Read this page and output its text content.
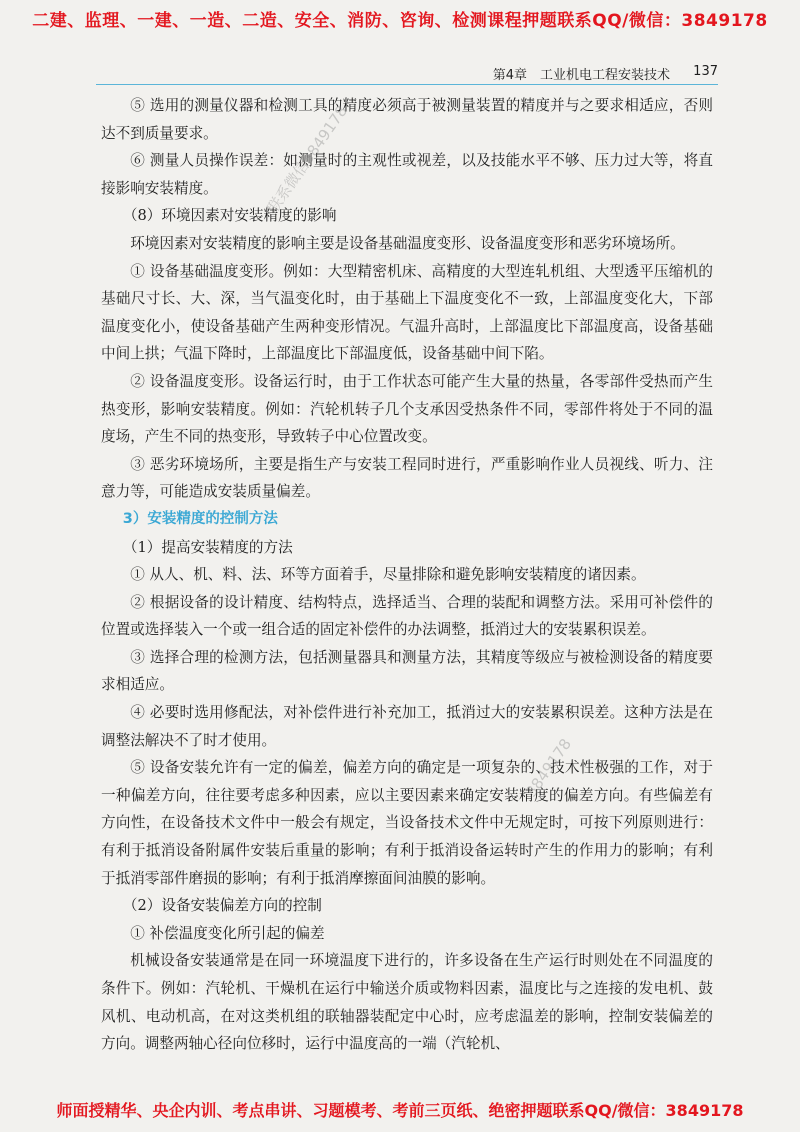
二建、监理、一建、一造、二造、安全、消防、咨询、检测课程押题联系QQ/微信：3849178
第4章　工业机电工程安装技术 137

⑤ 选用的测量仪器和检测工具的精度必须高于被测量装置的精度并与之要求相适应，否则达不到质量要求。

⑥ 测量人员操作误差：如测量时的主观性或视差，以及技能水平不够、压力过大等，将直接影响安装精度。

（8）环境因素对安装精度的影响

环境因素对安装精度的影响主要是设备基础温度变形、设备温度变形和恶劣环境场所。

① 设备基础温度变形。例如：大型精密机床、高精度的大型连轧机组、大型透平压缩机的基础尺寸长、大、深，当气温变化时，由于基础上下温度变化不一致，上部温度变化大，下部温度变化小，使设备基础产生两种变形情况。气温升高时，上部温度比下部温度高，设备基础中间上拱；气温下降时，上部温度比下部温度低，设备基础中间下陷。

② 设备温度变形。设备运行时，由于工作状态可能产生大量的热量，各零部件受热而产生热变形，影响安装精度。例如：汽轮机转子几个支承因受热条件不同，零部件将处于不同的温度场，产生不同的热变形，导致转子中心位置改变。

③ 恶劣环境场所，主要是指生产与安装工程同时进行，严重影响作业人员视线、听力、注意力等，可能造成安装质量偏差。

3）安装精度的控制方法

（1）提高安装精度的方法

① 从人、机、料、法、环等方面着手，尽量排除和避免影响安装精度的诸因素。

② 根据设备的设计精度、结构特点，选择适当、合理的装配和调整方法。采用可补偿件的位置或选择装入一个或一组合适的固定补偿件的办法调整，抵消过大的安装累积误差。

③ 选择合理的检测方法，包括测量器具和测量方法，其精度等级应与被检测设备的精度要求相适应。

④ 必要时选用修配法，对补偿件进行补充加工，抵消过大的安装累积误差。这种方法是在调整法解决不了时才使用。

⑤ 设备安装允许有一定的偏差，偏差方向的确定是一项复杂的、技术性极强的工作，对于一种偏差方向，往往要考虑多种因素，应以主要因素来确定安装精度的偏差方向。有些偏差有方向性，在设备技术文件中一般会有规定，当设备技术文件中无规定时，可按下列原则进行：有利于抵消设备附属件安装后重量的影响；有利于抵消设备运转时产生的作用力的影响；有利于抵消零部件磨损的影响；有利于抵消摩擦面间油膜的影响。

（2）设备安装偏差方向的控制

① 补偿温度变化所引起的偏差

机械设备安装通常是在同一环境温度下进行的，许多设备在生产运行时则处在不同温度的条件下。例如：汽轮机、干燥机在运行中输送介质或物料因素，温度比与之连接的发电机、鼓风机、电动机高，在对这类机组的联轴器装配定中心时，应考虑温差的影响，控制安装偏差的方向。调整两轴心径向位移时，运行中温度高的一端（汽轮机、

联系微信3849178
3849178
师面授精华、央企内训、考点串讲、习题模考、考前三页纸、绝密押题联系QQ/微信：3849178
